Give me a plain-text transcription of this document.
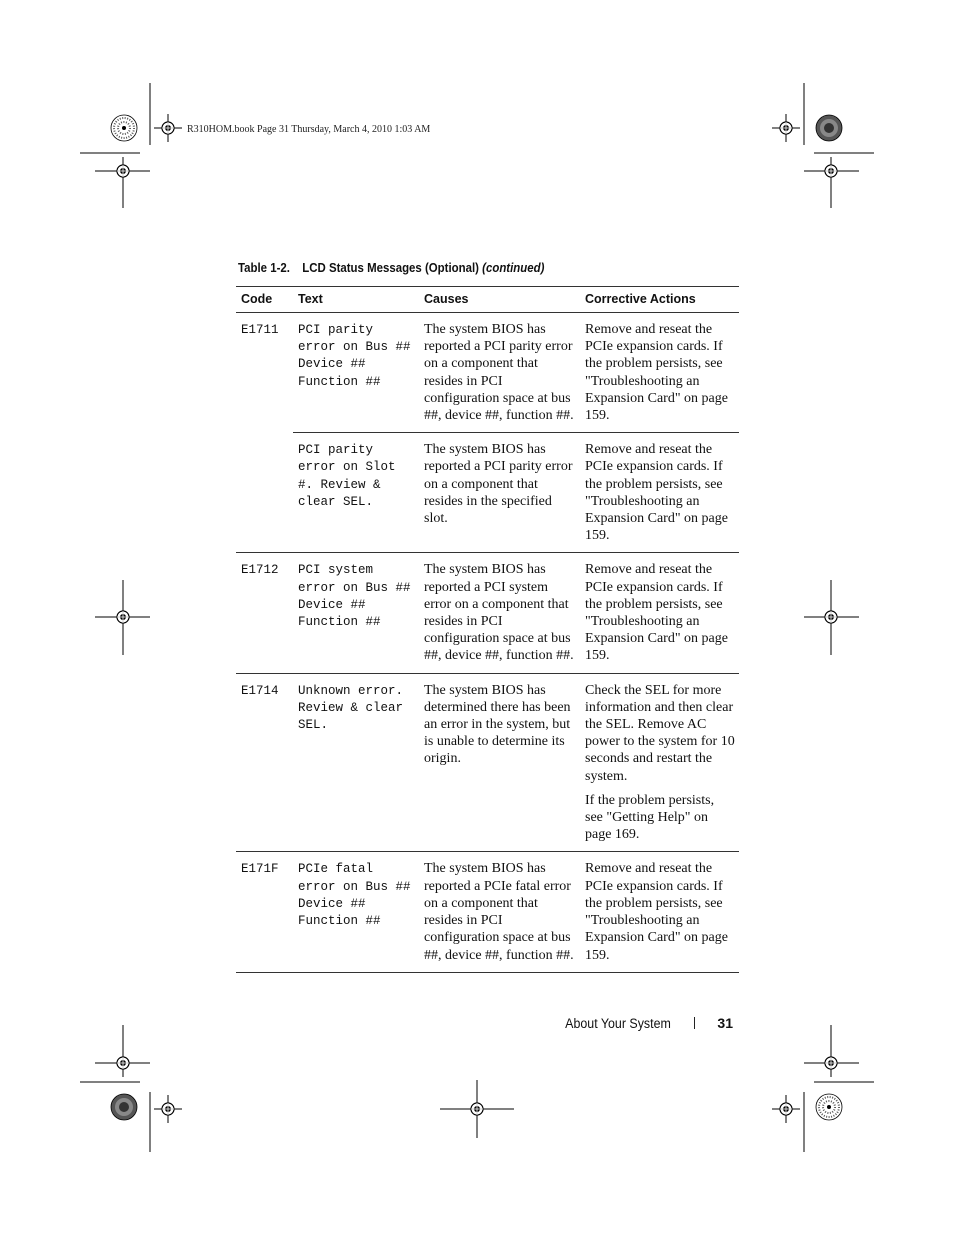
R310HOM.book Page 31 Thursday, March 4, 2010 1:03 AM
Table 1-2. LCD Status Messages (Optional) (continued)
Code	Text	Causes	Corrective Actions
E1711	PCI parity error on Bus ## Device ## Function ##	The system BIOS has reported a PCI parity error on a component that resides in PCI configuration space at bus ##, device ##, function ##.	Remove and reseat the PCIe expansion cards. If the problem persists, see "Troubleshooting an Expansion Card" on page 159.
	PCI parity error on Slot #. Review & clear SEL.	The system BIOS has reported a PCI parity error on a component that resides in the specified slot.	Remove and reseat the PCIe expansion cards. If the problem persists, see "Troubleshooting an Expansion Card" on page 159.
E1712	PCI system error on Bus ## Device ## Function ##	The system BIOS has reported a PCI system error on a component that resides in PCI configuration space at bus ##, device ##, function ##.	Remove and reseat the PCIe expansion cards. If the problem persists, see "Troubleshooting an Expansion Card" on page 159.
E1714	Unknown error. Review & clear SEL.	The system BIOS has determined there has been an error in the system, but is unable to determine its origin.	Check the SEL for more information and then clear the SEL. Remove AC power to the system for 10 seconds and restart the system.
If the problem persists, see "Getting Help" on page 169.

E171F	PCIe fatal error on Bus ## Device ## Function ##	The system BIOS has reported a PCIe fatal error on a component that resides in PCI configuration space at bus ##, device ##, function ##.	Remove and reseat the PCIe expansion cards. If the problem persists, see "Troubleshooting an Expansion Card" on page 159.
About Your System	31
